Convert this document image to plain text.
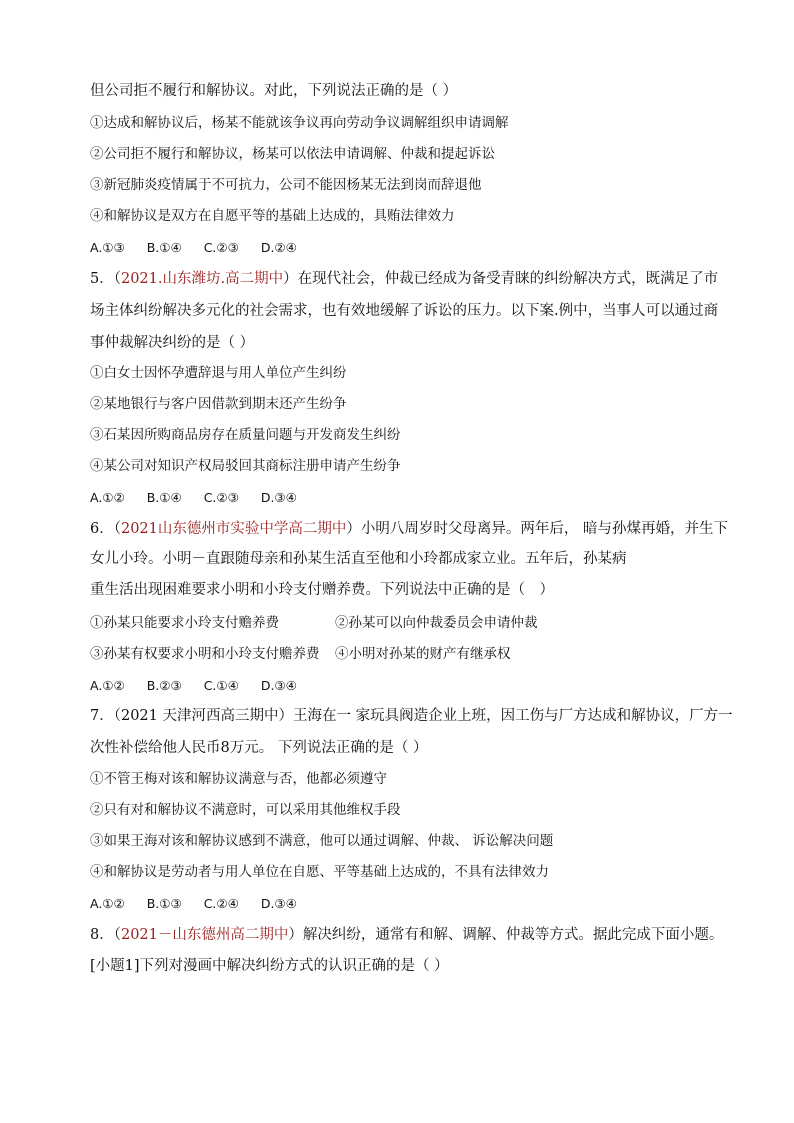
但公司拒不履行和解协议。对此，下列说法正确的是（ ）
①达成和解协议后，杨某不能就该争议再向劳动争议调解组织申请调解
②公司拒不履行和解协议，杨某可以依法申请调解、仲裁和提起诉讼
③新冠肺炎疫情属于不可抗力，公司不能因杨某无法到岗而辞退他
④和解协议是双方在自愿平等的基础上达成的，具贿法律效力
A.①③ B.①④ C.②③ D.②④
5．（2021.山东潍坊.高二期中）在现代社会，仲裁已经成为备受青睐的纠纷解决方式，既满足了市
场主体纠纷解决多元化的社会需求，也有效地缓解了诉讼的压力。以下案.例中，当事人可以通过商
事仲裁解决纠纷的是（ ）
①白女士因怀孕遭辞退与用人单位产生纠纷
②某地银行与客户因借款到期末还产生纷争
③石某因所购商品房存在质量问题与开发商发生纠纷
④某公司对知识产权局驳回其商标注册申请产生纷争
A.①② B.①④ C.②③ D.③④
6．（2021山东德州市实验中学高二期中）小明八周岁时父母离异。两年后， 暗与孙煤再婚，并生下
女儿小玲。小明－直跟随母亲和孙某生活直至他和小玲都成家立业。五年后，孙某病
重生活出现困难要求小明和小玲支付赠养费。下列说法中正确的是（　）
①孙某只能要求小玲支付赡养费	②孙某可以向仲裁委员会申请仲裁
③孙某有权要求小明和小玲支付赡养费 ④小明对孙某的财产有继承权
A.①② B.②③ C.①④ D.③④
7．（2021 天津河西高三期中）王海在一 家玩具阀造企业上班，因工伤与厂方达成和解协议，厂方一
次性补偿给他人民币8万元。 下列说法正确的是（ ）
①不管王梅对该和解协议满意与否，他都必须遵守
②只有对和解协议不满意时，可以采用其他维权手段
③如果王海对该和解协议感到不满意，他可以通过调解、仲裁、 诉讼解决问题
④和解协议是劳动者与用人单位在自愿、平等基础上达成的，不具有法律效力
A.①② B.①③ C.②④ D.③④
8．（2021－山东德州高二期中）解决纠纷，通常有和解、调解、仲裁等方式。据此完成下面小题。
[小题1]下列对漫画中解决纠纷方式的认识正确的是（ ）
